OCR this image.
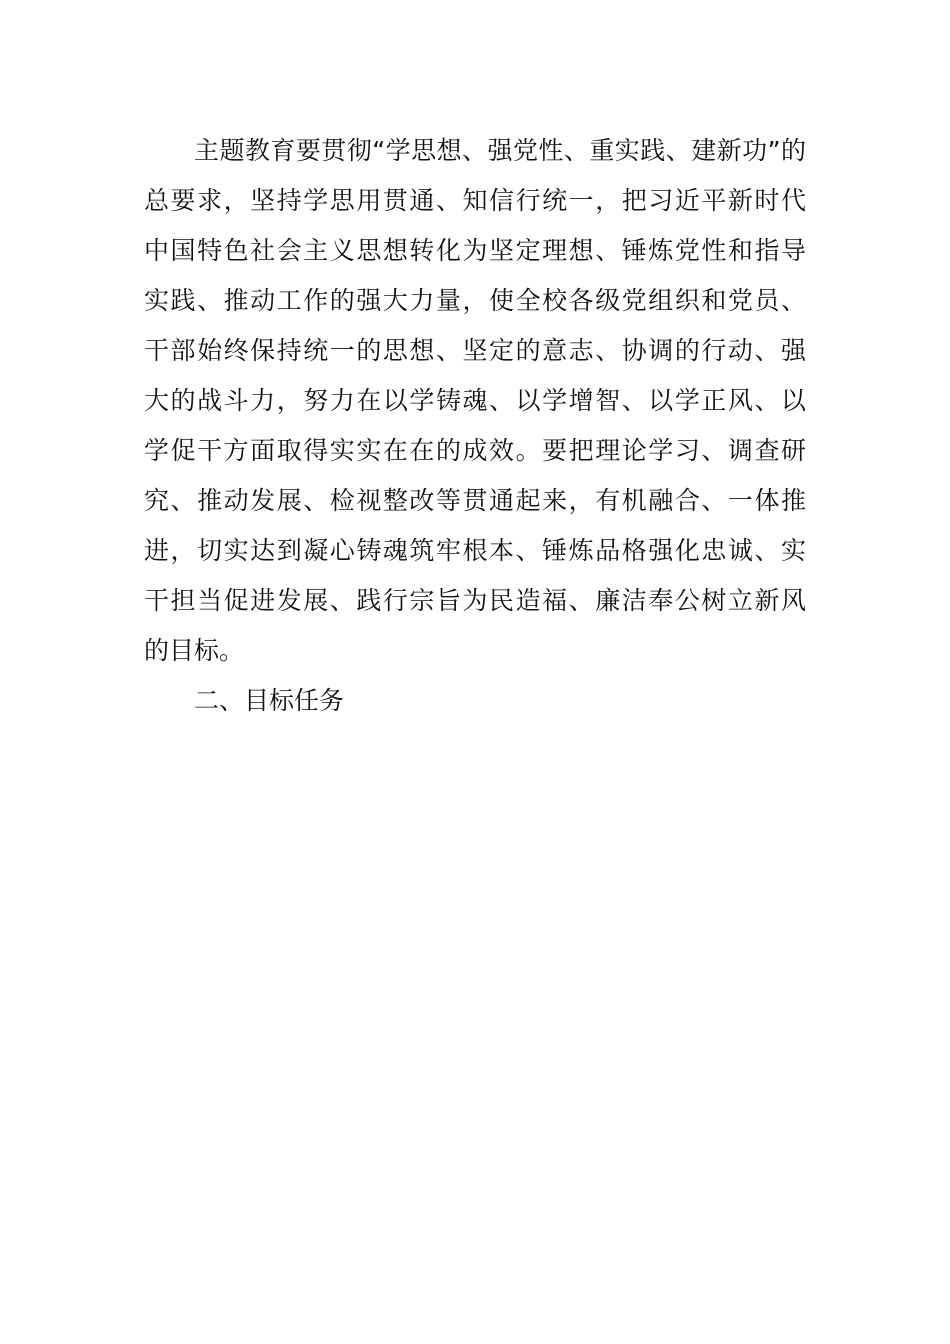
主题教育要贯彻“学思想、强党性、重实践、建新功”的
总要求，坚持学思用贯通、知信行统一，把习近平新时代
中国特色社会主义思想转化为坚定理想、锤炼党性和指导
实践、推动工作的强大力量，使全校各级党组织和党员、
干部始终保持统一的思想、坚定的意志、协调的行动、强
大的战斗力，努力在以学铸魂、以学增智、以学正风、以
学促干方面取得实实在在的成效。要把理论学习、调查研
究、推动发展、检视整改等贯通起来，有机融合、一体推
进，切实达到凝心铸魂筑牢根本、锤炼品格强化忠诚、实
干担当促进发展、践行宗旨为民造福、廉洁奉公树立新风
的目标。
二、目标任务
